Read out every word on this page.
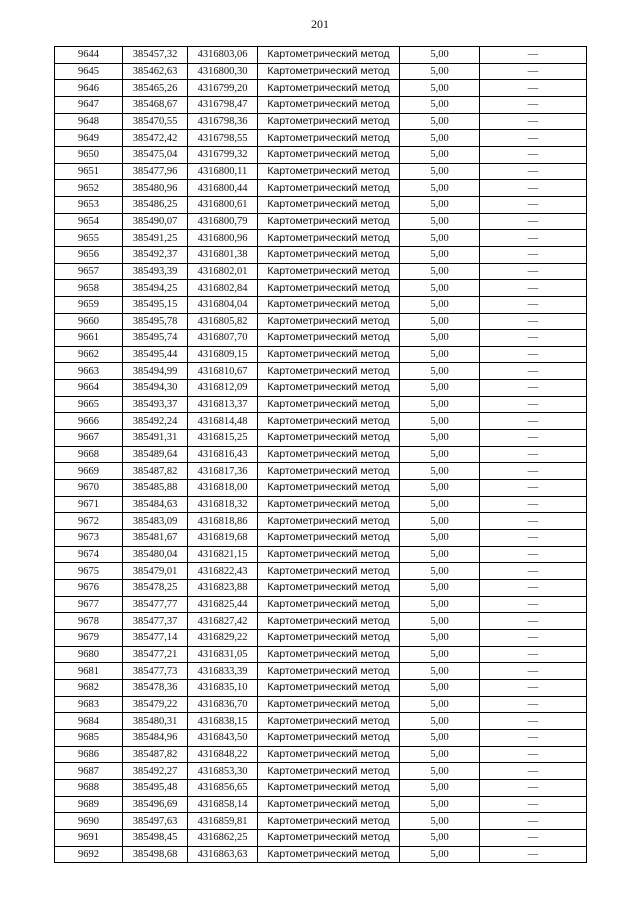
201
9644	385457,32	4316803,06	Картометрический метод	5,00	—
9645	385462,63	4316800,30	Картометрический метод	5,00	—
9646	385465,26	4316799,20	Картометрический метод	5,00	—
9647	385468,67	4316798,47	Картометрический метод	5,00	—
9648	385470,55	4316798,36	Картометрический метод	5,00	—
9649	385472,42	4316798,55	Картометрический метод	5,00	—
9650	385475,04	4316799,32	Картометрический метод	5,00	—
9651	385477,96	4316800,11	Картометрический метод	5,00	—
9652	385480,96	4316800,44	Картометрический метод	5,00	—
9653	385486,25	4316800,61	Картометрический метод	5,00	—
9654	385490,07	4316800,79	Картометрический метод	5,00	—
9655	385491,25	4316800,96	Картометрический метод	5,00	—
9656	385492,37	4316801,38	Картометрический метод	5,00	—
9657	385493,39	4316802,01	Картометрический метод	5,00	—
9658	385494,25	4316802,84	Картометрический метод	5,00	—
9659	385495,15	4316804,04	Картометрический метод	5,00	—
9660	385495,78	4316805,82	Картометрический метод	5,00	—
9661	385495,74	4316807,70	Картометрический метод	5,00	—
9662	385495,44	4316809,15	Картометрический метод	5,00	—
9663	385494,99	4316810,67	Картометрический метод	5,00	—
9664	385494,30	4316812,09	Картометрический метод	5,00	—
9665	385493,37	4316813,37	Картометрический метод	5,00	—
9666	385492,24	4316814,48	Картометрический метод	5,00	—
9667	385491,31	4316815,25	Картометрический метод	5,00	—
9668	385489,64	4316816,43	Картометрический метод	5,00	—
9669	385487,82	4316817,36	Картометрический метод	5,00	—
9670	385485,88	4316818,00	Картометрический метод	5,00	—
9671	385484,63	4316818,32	Картометрический метод	5,00	—
9672	385483,09	4316818,86	Картометрический метод	5,00	—
9673	385481,67	4316819,68	Картометрический метод	5,00	—
9674	385480,04	4316821,15	Картометрический метод	5,00	—
9675	385479,01	4316822,43	Картометрический метод	5,00	—
9676	385478,25	4316823,88	Картометрический метод	5,00	—
9677	385477,77	4316825,44	Картометрический метод	5,00	—
9678	385477,37	4316827,42	Картометрический метод	5,00	—
9679	385477,14	4316829,22	Картометрический метод	5,00	—
9680	385477,21	4316831,05	Картометрический метод	5,00	—
9681	385477,73	4316833,39	Картометрический метод	5,00	—
9682	385478,36	4316835,10	Картометрический метод	5,00	—
9683	385479,22	4316836,70	Картометрический метод	5,00	—
9684	385480,31	4316838,15	Картометрический метод	5,00	—
9685	385484,96	4316843,50	Картометрический метод	5,00	—
9686	385487,82	4316848,22	Картометрический метод	5,00	—
9687	385492,27	4316853,30	Картометрический метод	5,00	—
9688	385495,48	4316856,65	Картометрический метод	5,00	—
9689	385496,69	4316858,14	Картометрический метод	5,00	—
9690	385497,63	4316859,81	Картометрический метод	5,00	—
9691	385498,45	4316862,25	Картометрический метод	5,00	—
9692	385498,68	4316863,63	Картометрический метод	5,00	—
